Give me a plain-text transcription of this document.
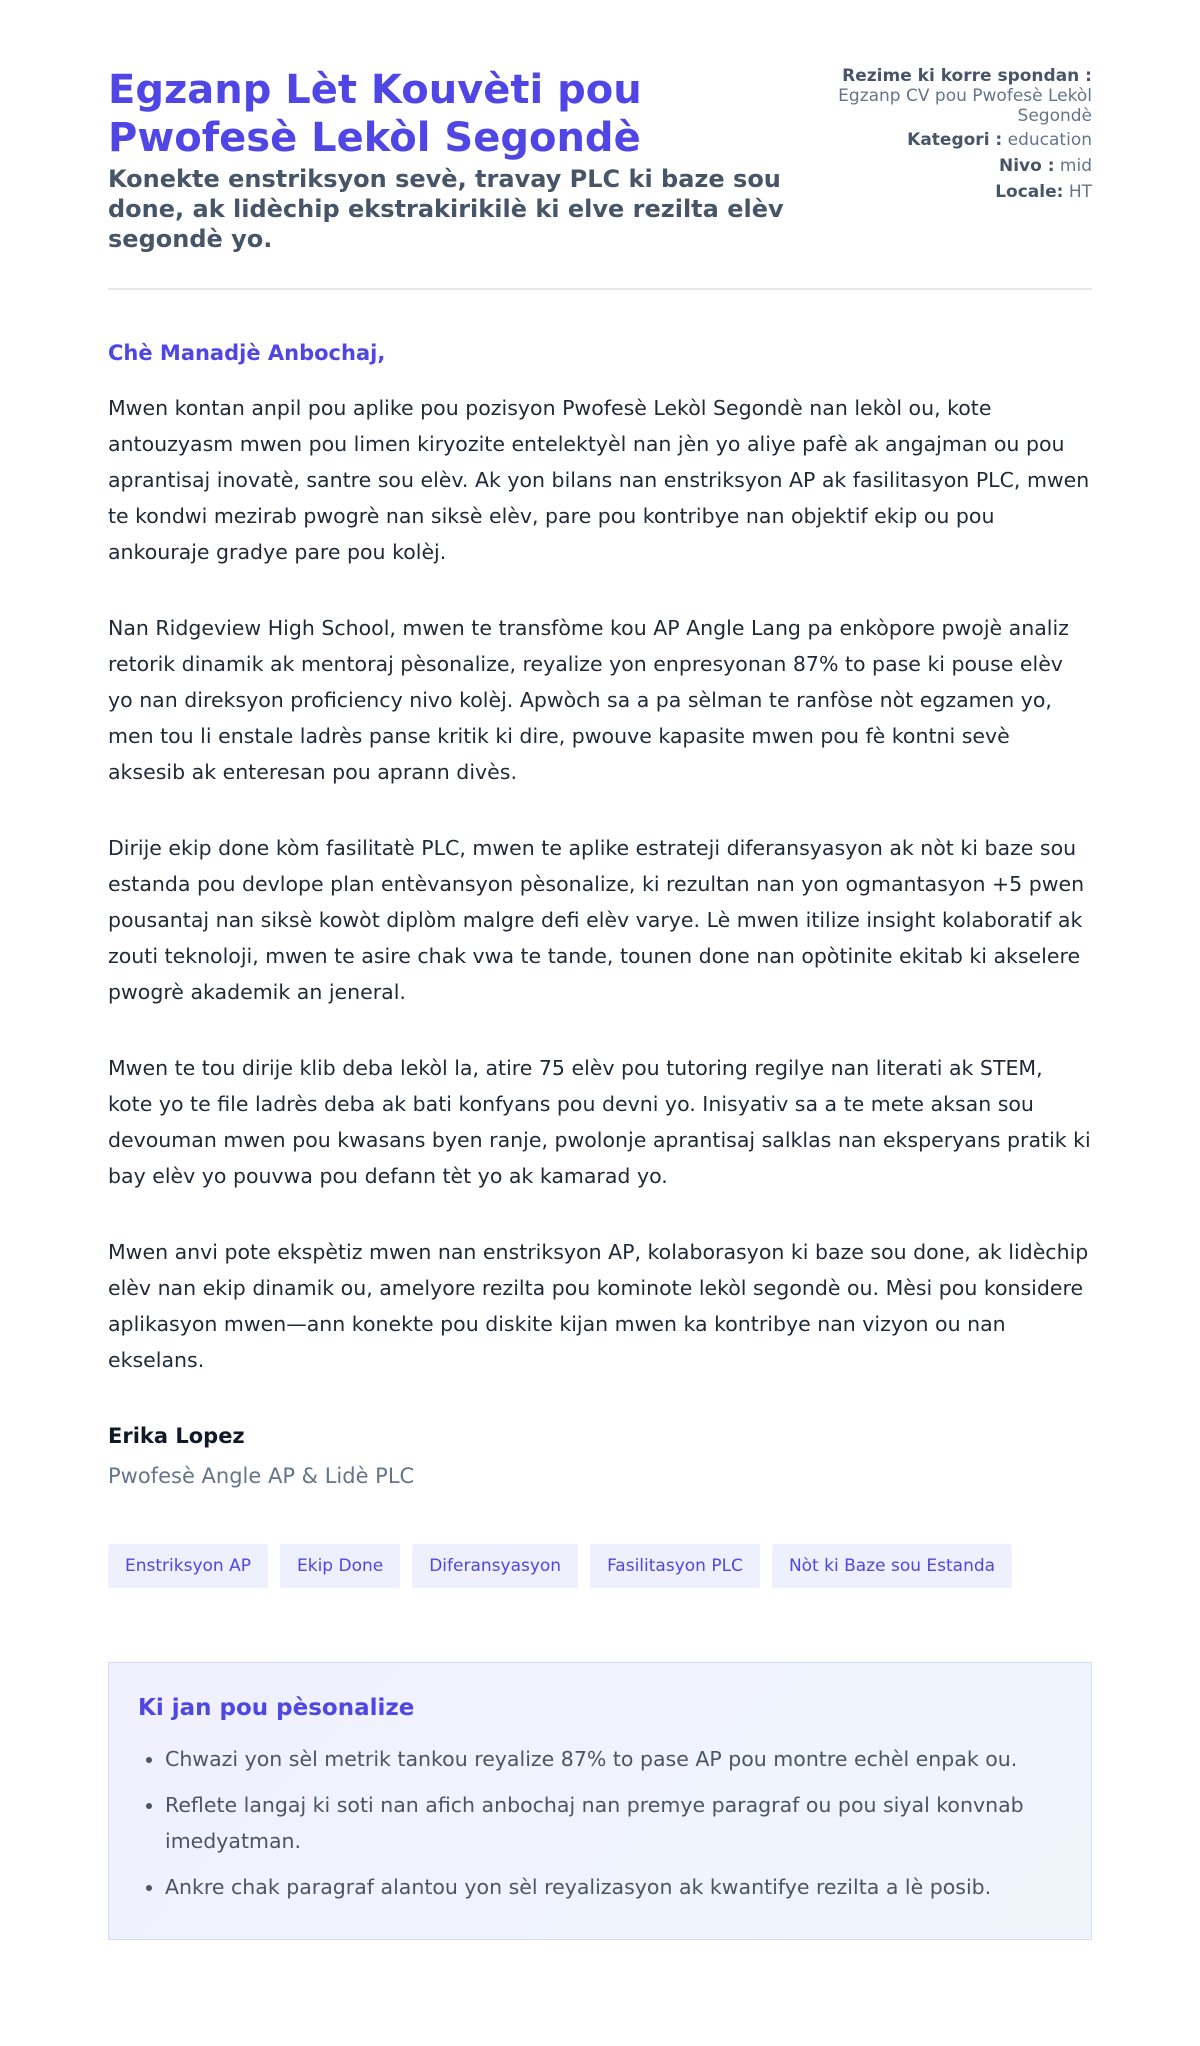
Egzanp Lèt Kouvèti pou Pwofesè Lekòl Segondè

Konekte enstriksyon sevè, travay PLC ki baze sou done, ak lidèchip ekstrakirikilè ki elve rezilta elèv segondè yo.

Rezime ki korre spondan :
Egzanp CV pou Pwofesè Lekòl Segondè
Kategori : education
Nivo : mid
Locale: HT

Chè Manadjè Anbochaj,

Mwen kontan anpil pou aplike pou pozisyon Pwofesè Lekòl Segondè nan lekòl ou, kote antouzyasm mwen pou limen kiryozite entelektyèl nan jèn yo aliye pafè ak angajman ou pou aprantisaj inovatè, santre sou elèv. Ak yon bilans nan enstriksyon AP ak fasilitasyon PLC, mwen te kondwi mezirab pwogrè nan siksè elèv, pare pou kontribye nan objektif ekip ou pou ankouraje gradye pare pou kolèj.

Nan Ridgeview High School, mwen te transfòme kou AP Angle Lang pa enkòpore pwojè analiz retorik dinamik ak mentoraj pèsonalize, reyalize yon enpresyonan 87% to pase ki pouse elèv yo nan direksyon proficiency nivo kolèj. Apwòch sa a pa sèlman te ranfòse nòt egzamen yo, men tou li enstale ladrès panse kritik ki dire, pwouve kapasite mwen pou fè kontni sevè aksesib ak enteresan pou aprann divès.

Dirije ekip done kòm fasilitatè PLC, mwen te aplike estrateji diferansyasyon ak nòt ki baze sou estanda pou devlope plan entèvansyon pèsonalize, ki rezultan nan yon ogmantasyon +5 pwen pousantaj nan siksè kowòt diplòm malgre defi elèv varye. Lè mwen itilize insight kolaboratif ak zouti teknoloji, mwen te asire chak vwa te tande, tounen done nan opòtinite ekitab ki akselere pwogrè akademik an jeneral.

Mwen te tou dirije klib deba lekòl la, atire 75 elèv pou tutoring regilye nan literati ak STEM, kote yo te file ladrès deba ak bati konfyans pou devni yo. Inisyativ sa a te mete aksan sou devouman mwen pou kwasans byen ranje, pwolonje aprantisaj salklas nan eksperyans pratik ki bay elèv yo pouvwa pou defann tèt yo ak kamarad yo.

Mwen anvi pote ekspètiz mwen nan enstriksyon AP, kolaborasyon ki baze sou done, ak lidèchip elèv nan ekip dinamik ou, amelyore rezilta pou kominote lekòl segondè ou. Mèsi pou konsidere aplikasyon mwen—ann konekte pou diskite kijan mwen ka kontribye nan vizyon ou nan ekselans.

Erika Lopez

Pwofesè Angle AP & Lidè PLC

Enstriksyon AP	Ekip Done	Diferansyasyon	Fasilitasyon PLC	Nòt ki Baze sou Estanda
Ki jan pou pèsonalize
• Chwazi yon sèl metrik tankou reyalize 87% to pase AP pou montre echèl enpak ou.
• Reflete langaj ki soti nan afich anbochaj nan premye paragraf ou pou siyal konvnab imedyatman.
• Ankre chak paragraf alantou yon sèl reyalizasyon ak kwantifye rezilta a lè posib.
